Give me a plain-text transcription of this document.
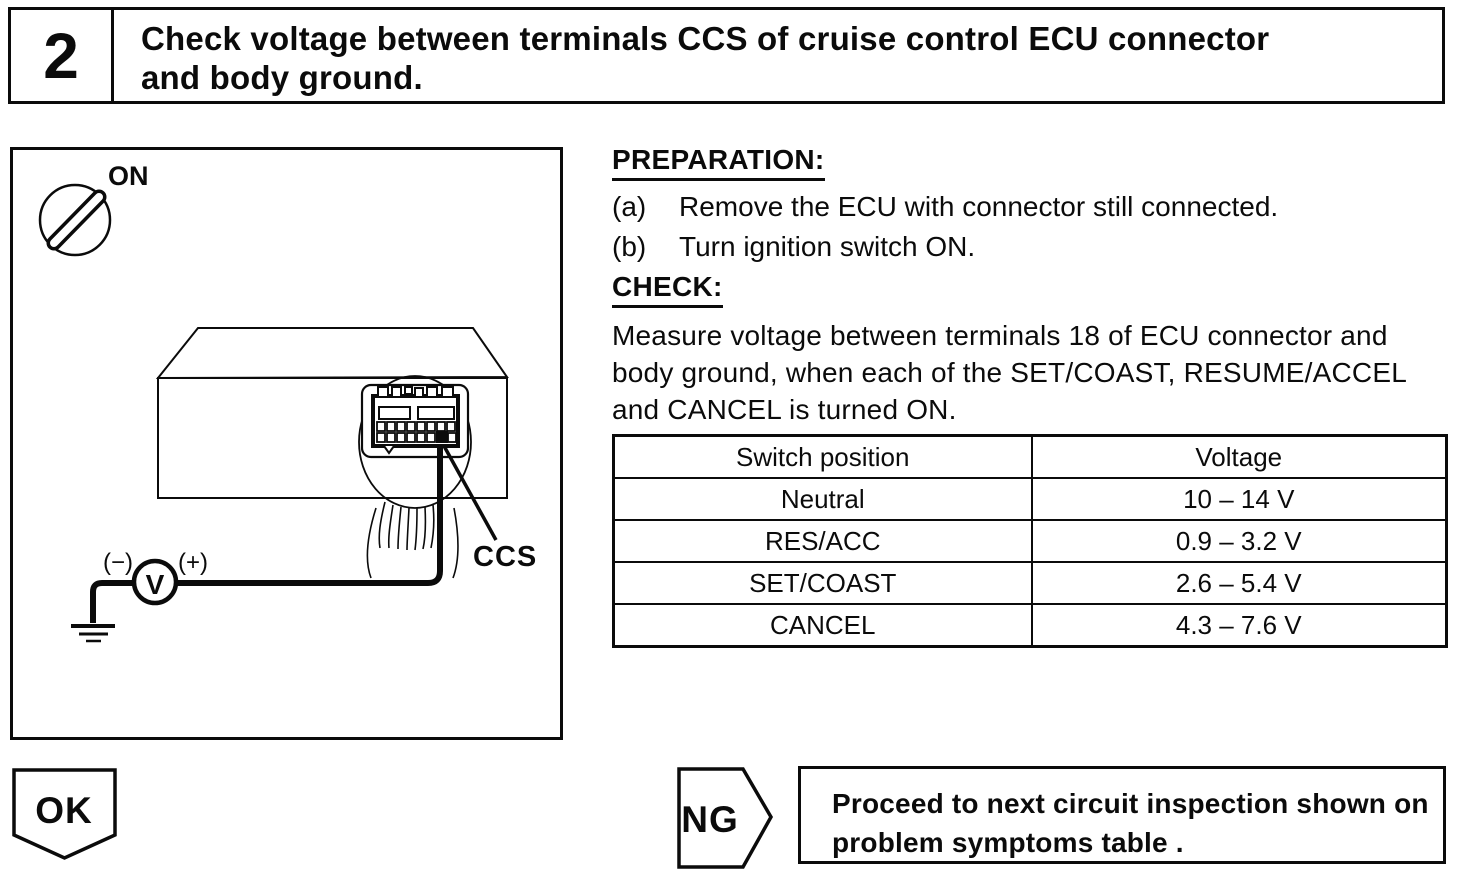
2	Check voltage between terminals CCS of cruise control ECU connector
and body ground.
ON
CCS
V
(−) (+)
PREPARATION:
(a)	Remove the ECU with connector still connected.
(b)	Turn ignition switch ON.
CHECK:
Measure voltage between terminals 18 of ECU connector and
body ground, when each of the SET/COAST, RESUME/ACCEL
and CANCEL is turned ON.
Switch position	Voltage
Neutral	10 – 14 V
RES/ACC	0.9 – 3.2 V
SET/COAST	2.6 – 5.4 V
CANCEL	4.3 – 7.6 V
OK	NG	Proceed to next circuit inspection shown on
problem symptoms table .
